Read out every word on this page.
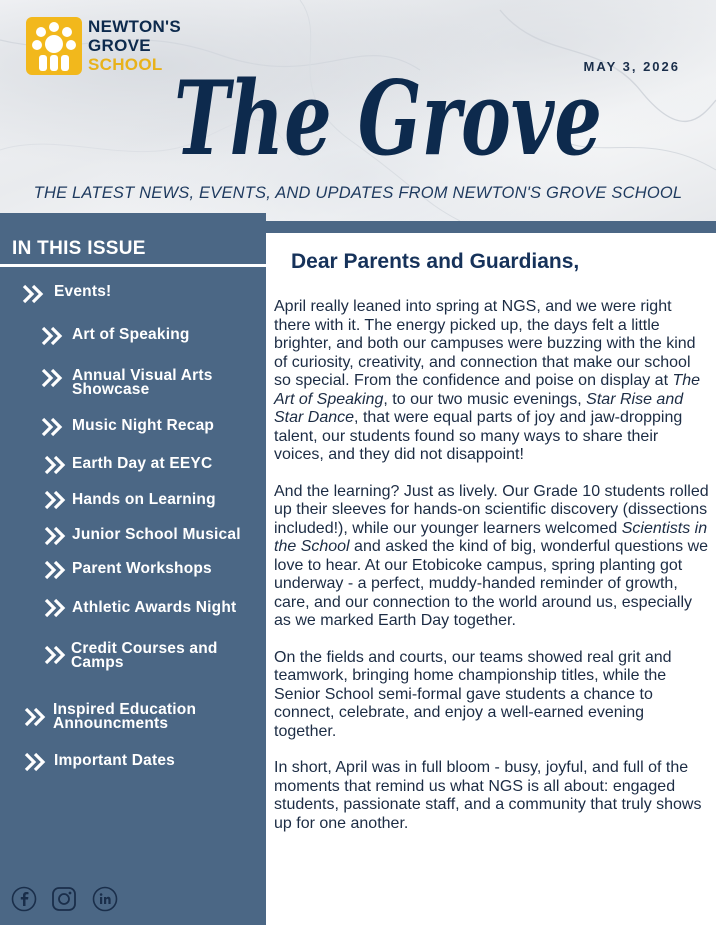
NEWTON'S
GROVE
SCHOOL	MAY 3, 2026
The Grove
THE LATEST NEWS, EVENTS, AND UPDATES FROM NEWTON'S GROVE SCHOOL
IN THIS ISSUE
Events!
Art of Speaking
Annual Visual Arts
Showcase
Music Night Recap
Earth Day at EEYC
Hands on Learning
Junior School Musical
Parent Workshops
Athletic Awards Night
Credit Courses and
Camps
Inspired Education
Announcments
Important Dates
Dear Parents and Guardians,

April really leaned into spring at NGS, and we were right there with it. The energy picked up, the days felt a little brighter, and both our campuses were buzzing with the kind of curiosity, creativity, and connection that make our school so special. From the confidence and poise on display at The Art of Speaking, to our two music evenings, Star Rise and Star Dance, that were equal parts of joy and jaw-dropping talent, our students found so many ways to share their voices, and they did not disappoint!

And the learning? Just as lively. Our Grade 10 students rolled up their sleeves for hands-on scientific discovery (dissections included!), while our younger learners welcomed Scientists in the School and asked the kind of big, wonderful questions we love to hear. At our Etobicoke campus, spring planting got underway - a perfect, muddy-handed reminder of growth, care, and our connection to the world around us, especially as we marked Earth Day together.

On the fields and courts, our teams showed real grit and teamwork, bringing home championship titles, while the Senior School semi-formal gave students a chance to connect, celebrate, and enjoy a well-earned evening together.

In short, April was in full bloom - busy, joyful, and full of the moments that remind us what NGS is all about: engaged students, passionate staff, and a community that truly shows up for one another.
